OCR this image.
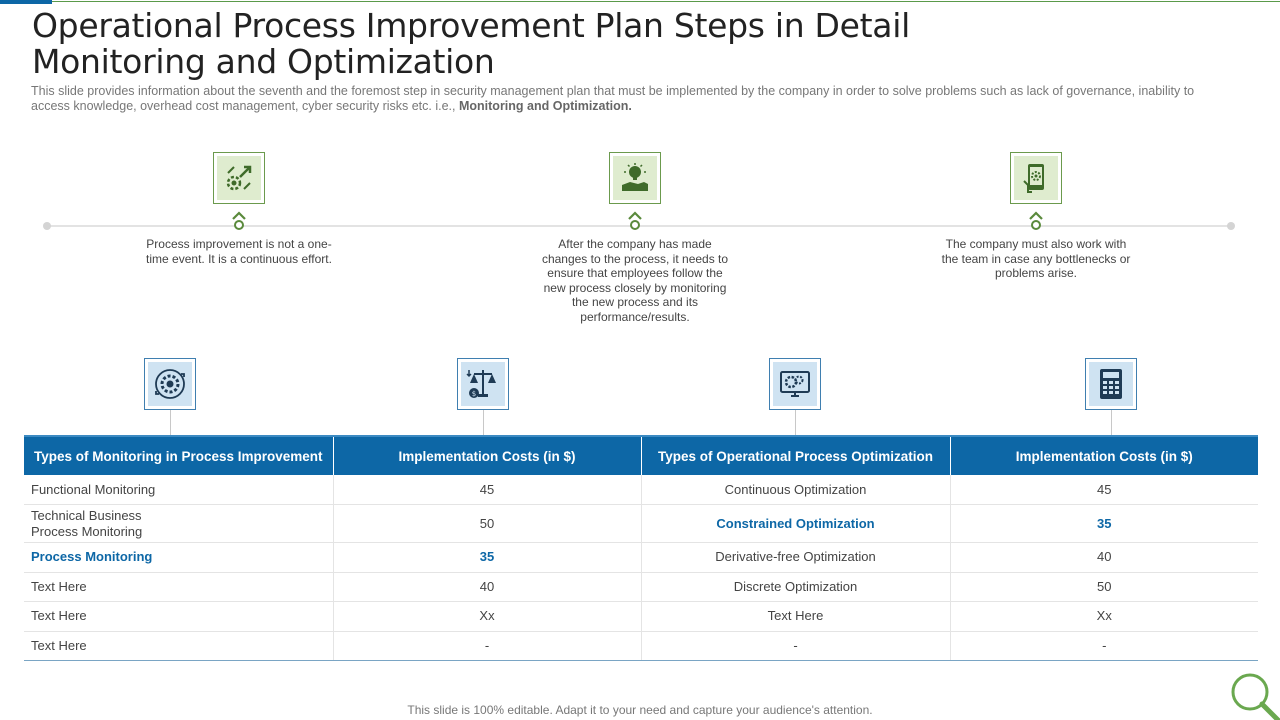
Operational Process Improvement Plan Steps in Detail Monitoring and Optimization

This slide provides information about the seventh and the foremost step in security management plan that must be implemented by the company in order to solve problems such as lack of governance, inability to access knowledge, overhead cost management, cyber security risks etc. i.e., Monitoring and Optimization.

Process improvement is not a one-time event. It is a continuous effort.

After the company has made changes to the process, it needs to ensure that employees follow the new process closely by monitoring the new process and its performance/results.

The company must also work with the team in case any bottlenecks or problems arise.

$
Types of Monitoring in Process Improvement	Implementation Costs (in $)	Types of Operational Process Optimization	Implementation Costs (in $)
Functional Monitoring	45	Continuous Optimization	45
Technical Business Process Monitoring	50	Constrained Optimization	35
Process Monitoring	35	Derivative-free Optimization	40
Text Here	40	Discrete Optimization	50
Text Here	Xx	Text Here	Xx
Text Here	-	-	-

This slide is 100% editable. Adapt it to your need and capture your audience's attention.
